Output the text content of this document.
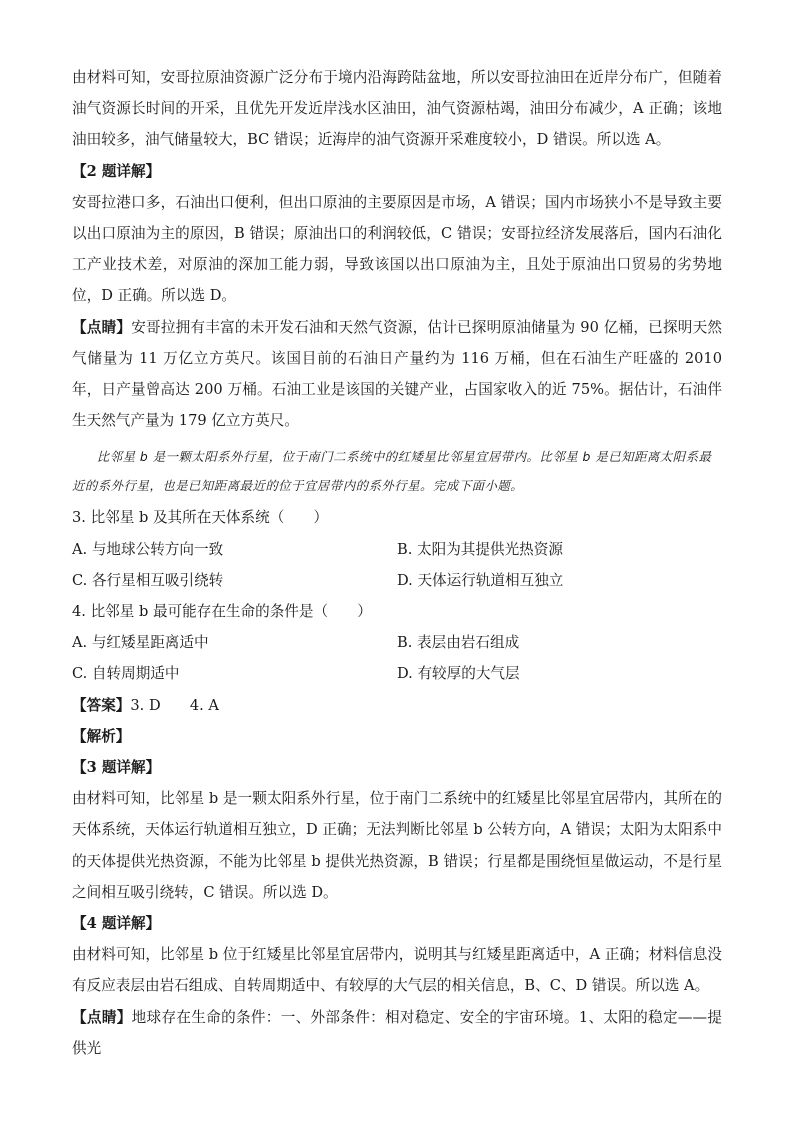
由材料可知，安哥拉原油资源广泛分布于境内沿海跨陆盆地，所以安哥拉油田在近岸分布广，但随着油气资源长时间的开采，且优先开发近岸浅水区油田，油气资源枯竭，油田分布减少，A 正确；该地油田较多，油气储量较大，BC 错误；近海岸的油气资源开采难度较小，D 错误。所以选 A。

【2 题详解】

安哥拉港口多，石油出口便利，但出口原油的主要原因是市场，A 错误；国内市场狭小不是导致主要以出口原油为主的原因，B 错误；原油出口的利润较低，C 错误；安哥拉经济发展落后，国内石油化工产业技术差，对原油的深加工能力弱，导致该国以出口原油为主，且处于原油出口贸易的劣势地位，D 正确。所以选 D。

【点睛】安哥拉拥有丰富的未开发石油和天然气资源，估计已探明原油储量为 90 亿桶，已探明天然气储量为 11 万亿立方英尺。该国目前的石油日产量约为 116 万桶，但在石油生产旺盛的 2010 年，日产量曾高达 200 万桶。石油工业是该国的关键产业，占国家收入的近 75%。据估计，石油伴生天然气产量为 179 亿立方英尺。

比邻星 b 是一颗太阳系外行星，位于南门二系统中的红矮星比邻星宜居带内。比邻星 b 是已知距离太阳系最近的系外行星，也是已知距离最近的位于宜居带内的系外行星。完成下面小题。

3. 比邻星 b 及其所在天体系统（　　）

A. 与地球公转方向一致	B. 太阳为其提供光热资源
C. 各行星相互吸引绕转	D. 天体运行轨道相互独立

4. 比邻星 b 最可能存在生命的条件是（　　）

A. 与红矮星距离适中	B. 表层由岩石组成
C. 自转周期适中	D. 有较厚的大气层

【答案】3. D　　4. A

【解析】

【3 题详解】

由材料可知，比邻星 b 是一颗太阳系外行星，位于南门二系统中的红矮星比邻星宜居带内，其所在的天体系统，天体运行轨道相互独立，D 正确；无法判断比邻星 b 公转方向，A 错误；太阳为太阳系中的天体提供光热资源，不能为比邻星 b 提供光热资源，B 错误；行星都是围绕恒星做运动，不是行星之间相互吸引绕转，C 错误。所以选 D。

【4 题详解】

由材料可知，比邻星 b 位于红矮星比邻星宜居带内，说明其与红矮星距离适中，A 正确；材料信息没有反应表层由岩石组成、自转周期适中、有较厚的大气层的相关信息，B、C、D 错误。所以选 A。

【点睛】地球存在生命的条件：一、外部条件：相对稳定、安全的宇宙环境。1、太阳的稳定——提供光
